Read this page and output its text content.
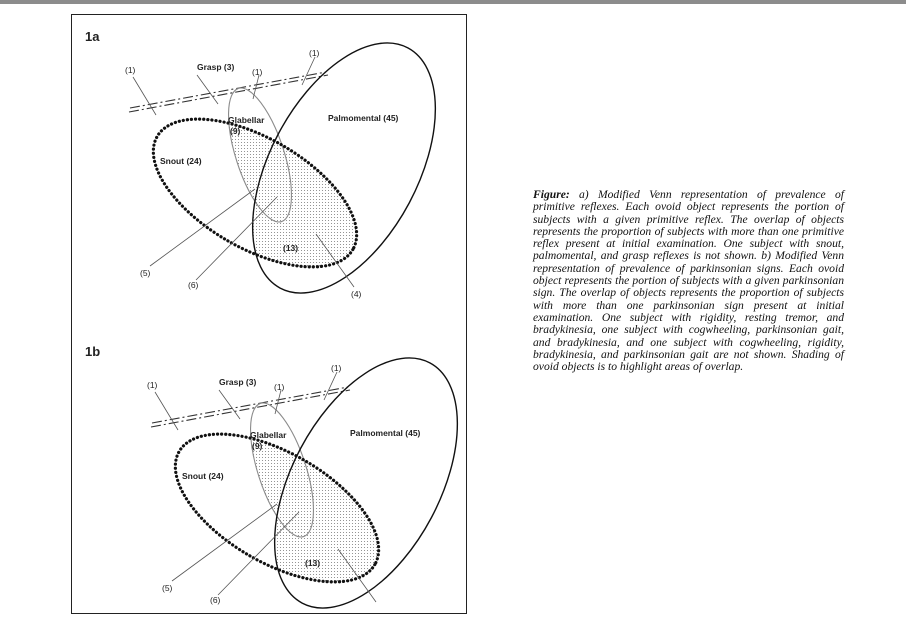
1a
Grasp (3)
Glabellar
(9)
Palmomental (45)
Snout (24)
(13)
(1)	(1)
(1)
(5)
(6)
(4)
1b
Grasp (3)
Glabellar
(9)
Palmomental (45)
Snout (24)
(13)
(1)	(1)
(1)
(5)
(6)

Figure: a) Modified Venn representation of prevalence of primitive reflexes. Each ovoid object represents the portion of subjects with a given primitive reflex. The overlap of objects represents the proportion of subjects with more than one primitive reflex present at initial examination. One subject with snout, palmomental, and grasp reflexes is not shown. b) Modified Venn representation of prevalence of parkinsonian signs. Each ovoid object represents the portion of subjects with a given parkinsonian sign. The overlap of objects represents the proportion of subjects with more than one parkinsonian sign present at initial examination. One subject with rigidity, resting tremor, and bradykinesia, one subject with cogwheeling, parkinsonian gait, and bradykinesia, and one subject with cogwheeling, rigidity, bradykinesia, and parkinsonian gait are not shown. Shading of ovoid objects is to highlight areas of overlap.
